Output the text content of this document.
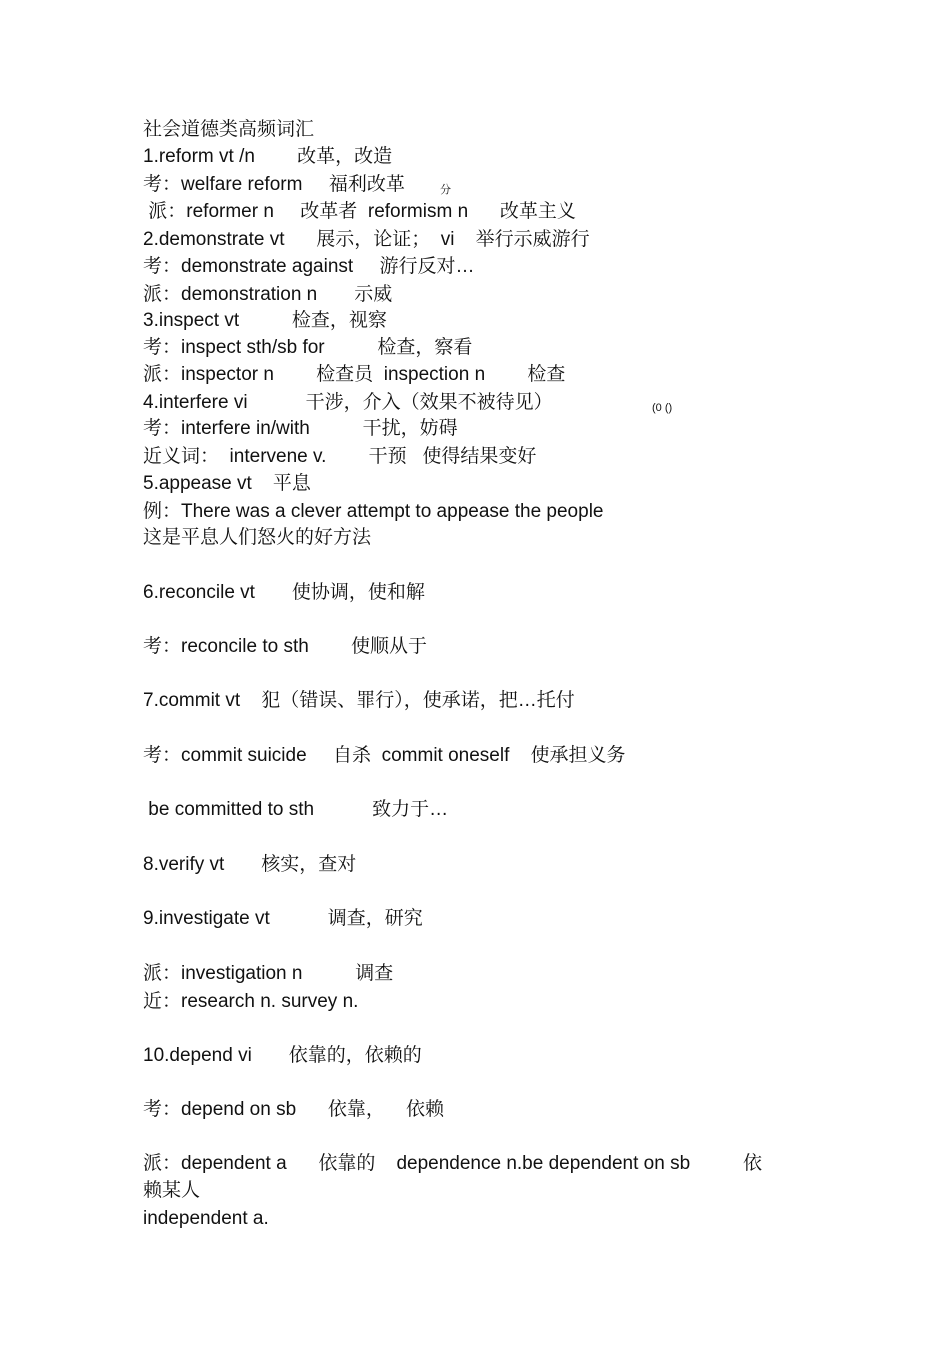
社会道德类高频词汇
1.reform vt /n        改革，改造
考：welfare reform     福利改革	分
派：reformer n     改革者  reformism n      改革主义
2.demonstrate vt      展示，论证；  vi    举行示威游行
考：demonstrate against     游行反对…
派：demonstration n       示威
3.inspect vt          检查，视察
考：inspect sth/sb for          检查，察看
派：inspector n        检查员  inspection n        检查
4.interfere vi           干涉，介入（效果不被待见）	(0 ()
考：interfere in/with          干扰，妨碍
近义词：  intervene v.        干预   使得结果变好
5.appease vt    平息
例：There was a clever attempt to appease the people
这是平息人们怒火的好方法
6.reconcile vt       使协调，使和解
考：reconcile to sth        使顺从于
7.commit vt    犯（错误、罪行），使承诺，把…托付
考：commit suicide     自杀  commit oneself    使承担义务
be committed to sth           致力于…
8.verify vt       核实，查对
9.investigate vt           调查，研究
派：investigation n          调查
近：research n. survey n.
10.depend vi       依靠的，依赖的
考：depend on sb      依靠，    依赖
派：dependent a      依靠的    dependence n.be dependent on sb          依
赖某人
independent a.
